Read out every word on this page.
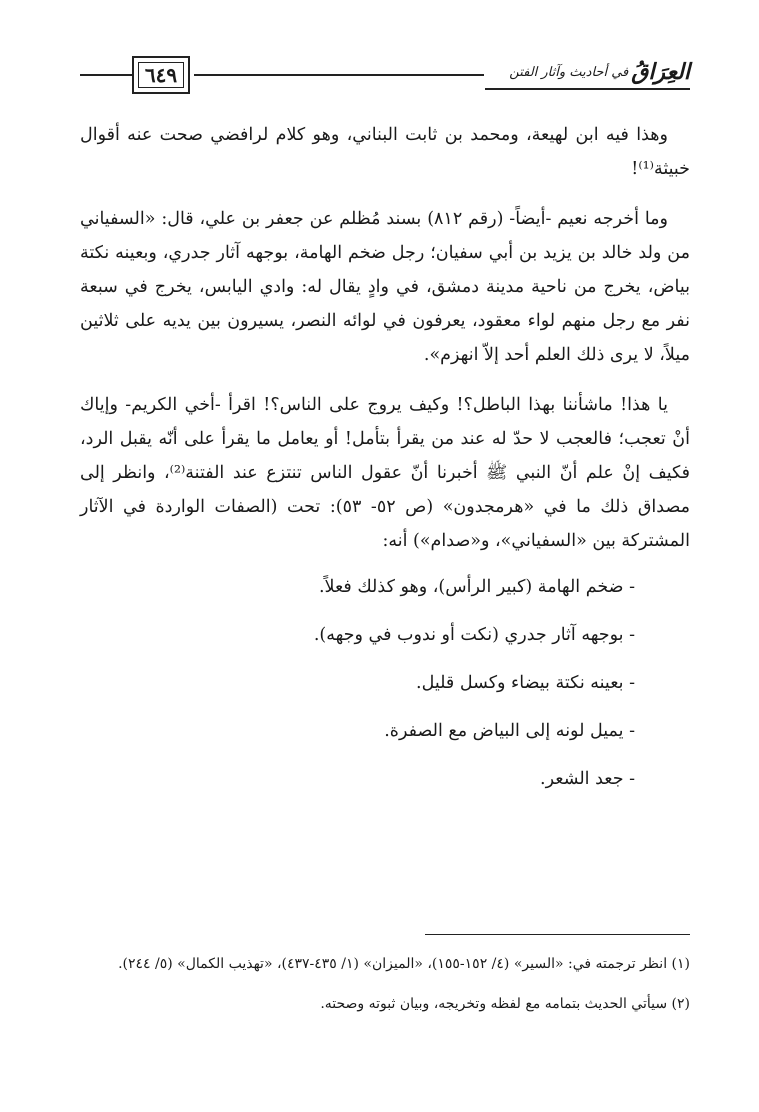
٦٤٩	العِرَاقُ
في أحاديث وآثار الفتن

وهذا فيه ابن لهيعة، ومحمد بن ثابت البناني، وهو كلام لرافضي صحت عنه أقوال خبيثة⁽¹⁾!

وما أخرجه نعيم -أيضاً- (رقم ٨١٢) بسند مُظلم عن جعفر بن علي، قال: «السفياني من ولد خالد بن يزيد بن أبي سفيان؛ رجل ضخم الهامة، بوجهه آثار جدري، وبعينه نكتة بياض، يخرج من ناحية مدينة دمشق، في وادٍ يقال له: وادي اليابس، يخرج في سبعة نفر مع رجل منهم لواء معقود، يعرفون في لوائه النصر، يسيرون بين يديه على ثلاثين ميلاً، لا يرى ذلك العلم أحد إلاّ انهزم».

يا هذا! ماشأننا بهذا الباطل؟! وكيف يروج على الناس؟! اقرأ -أخي الكريم- وإياك أنْ تعجب؛ فالعجب لا حدّ له عند من يقرأ بتأمل! أو يعامل ما يقرأ على أنّه يقبل الرد، فكيف إنْ علم أنّ النبي ﷺ أخبرنا أنّ عقول الناس تنتزع عند الفتنة⁽²⁾، وانظر إلى مصداق ذلك ما في «هرمجدون» (ص ٥٢- ٥٣): تحت (الصفات الواردة في الآثار المشتركة بين «السفياني»، و«صدام») أنه:

- ضخم الهامة (كبير الرأس)، وهو كذلك فعلاً.
- بوجهه آثار جدري (نكت أو ندوب في وجهه).
- بعينه نكتة بيضاء وكسل قليل.
- يميل لونه إلى البياض مع الصفرة.
- جعد الشعر.

(١) انظر ترجمته في: «السير» (٤/ ١٥٢-١٥٥)، «الميزان» (١/ ٤٣٥-٤٣٧)، «تهذيب الكمال» (٥/ ٢٤٤).

(٢) سيأتي الحديث بتمامه مع لفظه وتخريجه، وبيان ثبوته وصحته.
